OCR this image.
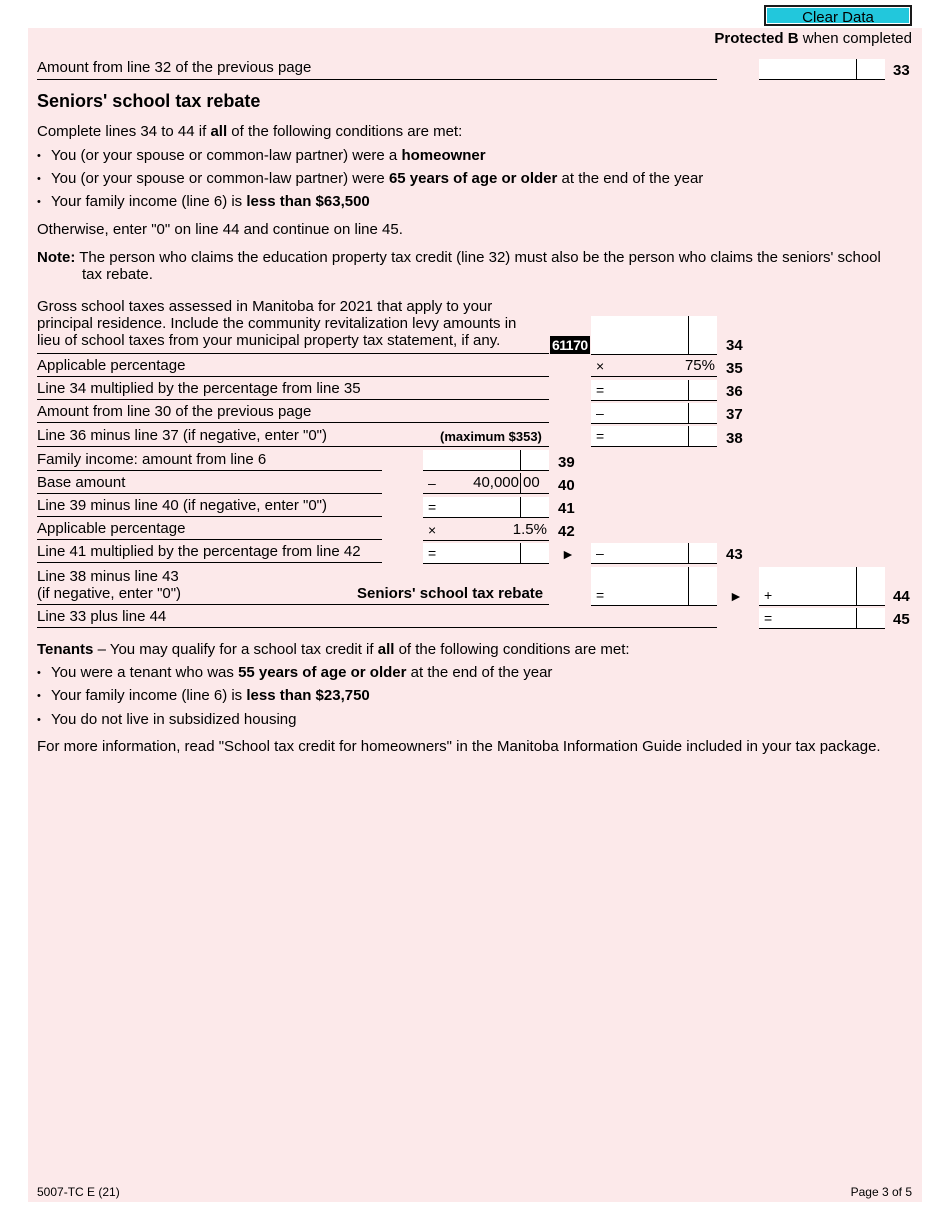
Clear Data
Protected B when completed
Amount from line 32 of the previous page	33
Seniors' school tax rebate
Complete lines 34 to 44 if all of the following conditions are met:
• You (or your spouse or common-law partner) were a homeowner
• You (or your spouse or common-law partner) were 65 years of age or older at the end of the year
• Your family income (line 6) is less than $63,500
Otherwise, enter "0" on line 44 and continue on line 45.
Note: The person who claims the education property tax credit (line 32) must also be the person who claims the seniors' school
tax rebate.
Gross school taxes assessed in Manitoba for 2021 that apply to your
principal residence. Include the community revitalization levy amounts in
lieu of school taxes from your municipal property tax statement, if any.	61170	34
Applicable percentage	×	75% 35
Line 34 multiplied by the percentage from line 35	=	36
Amount from line 30 of the previous page	–	37
Line 36 minus line 37 (if negative, enter "0")	(maximum $353)	=	38
Family income: amount from line 6	39
Base amount	– 40,000 00 40
Line 39 minus line 40 (if negative, enter "0")	=	41
Applicable percentage	×	1.5% 42
Line 41 multiplied by the percentage from line 42	=	► –	43
Line 38 minus line 43
(if negative, enter "0")	Seniors' school tax rebate	=	► +	44
Line 33 plus line 44	=	45
Tenants – You may qualify for a school tax credit if all of the following conditions are met:
• You were a tenant who was 55 years of age or older at the end of the year
• Your family income (line 6) is less than $23,750
• You do not live in subsidized housing
For more information, read "School tax credit for homeowners" in the Manitoba Information Guide included in your tax package.
5007-TC E (21)	Page 3 of 5
